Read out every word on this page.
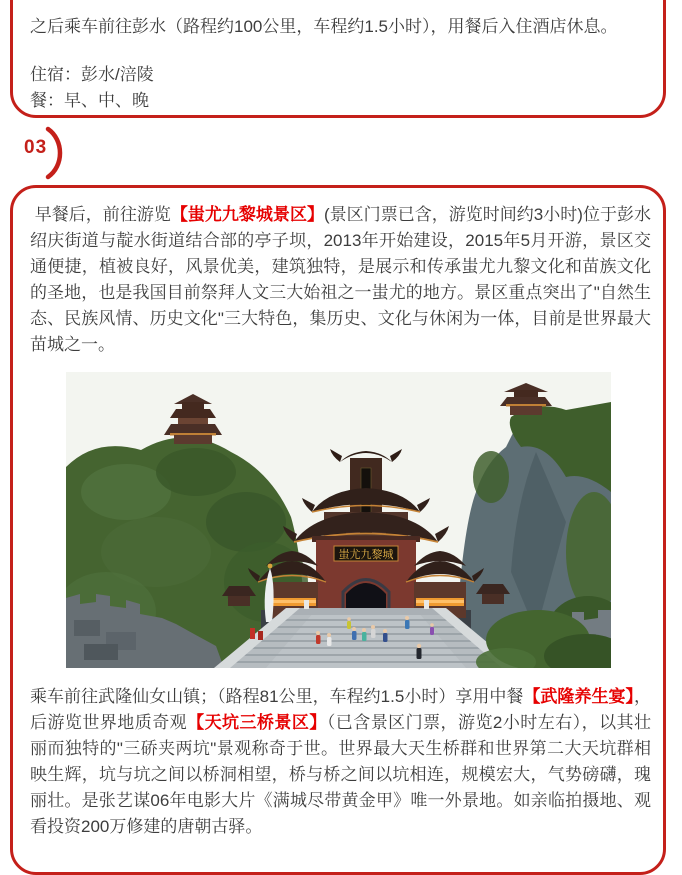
之后乘车前往彭水（路程约100公里，车程约1.5小时），用餐后入住酒店休息。

住宿：彭水/涪陵

餐：早、中、晚

03

早餐后，前往游览【蚩尤九黎城景区】(景区门票已含，游览时间约3小时)位于彭水绍庆街道与靛水街道结合部的亭子坝，2013年开始建设，2015年5月开游，景区交通便捷，植被良好，风景优美，建筑独特，是展示和传承蚩尤九黎文化和苗族文化的圣地，也是我国目前祭拜人文三大始祖之一蚩尤的地方。景区重点突出了"自然生态、民族风情、历史文化"三大特色，集历史、文化与休闲为一体，目前是世界最大苗城之一。

蚩尤九黎城

乘车前往武隆仙女山镇；（路程81公里，车程约1.5小时）享用中餐【武隆养生宴】，后游览世界地质奇观【天坑三桥景区】（已含景区门票，游览2小时左右），以其壮丽而独特的"三硚夹两坑"景观称奇于世。世界最大天生桥群和世界第二大天坑群相映生辉，坑与坑之间以桥洞相望，桥与桥之间以坑相连，规模宏大，气势磅礴，瑰丽壮。是张艺谋06年电影大片《满城尽带黄金甲》唯一外景地。如亲临拍摄地、观看投资200万修建的唐朝古驿。
